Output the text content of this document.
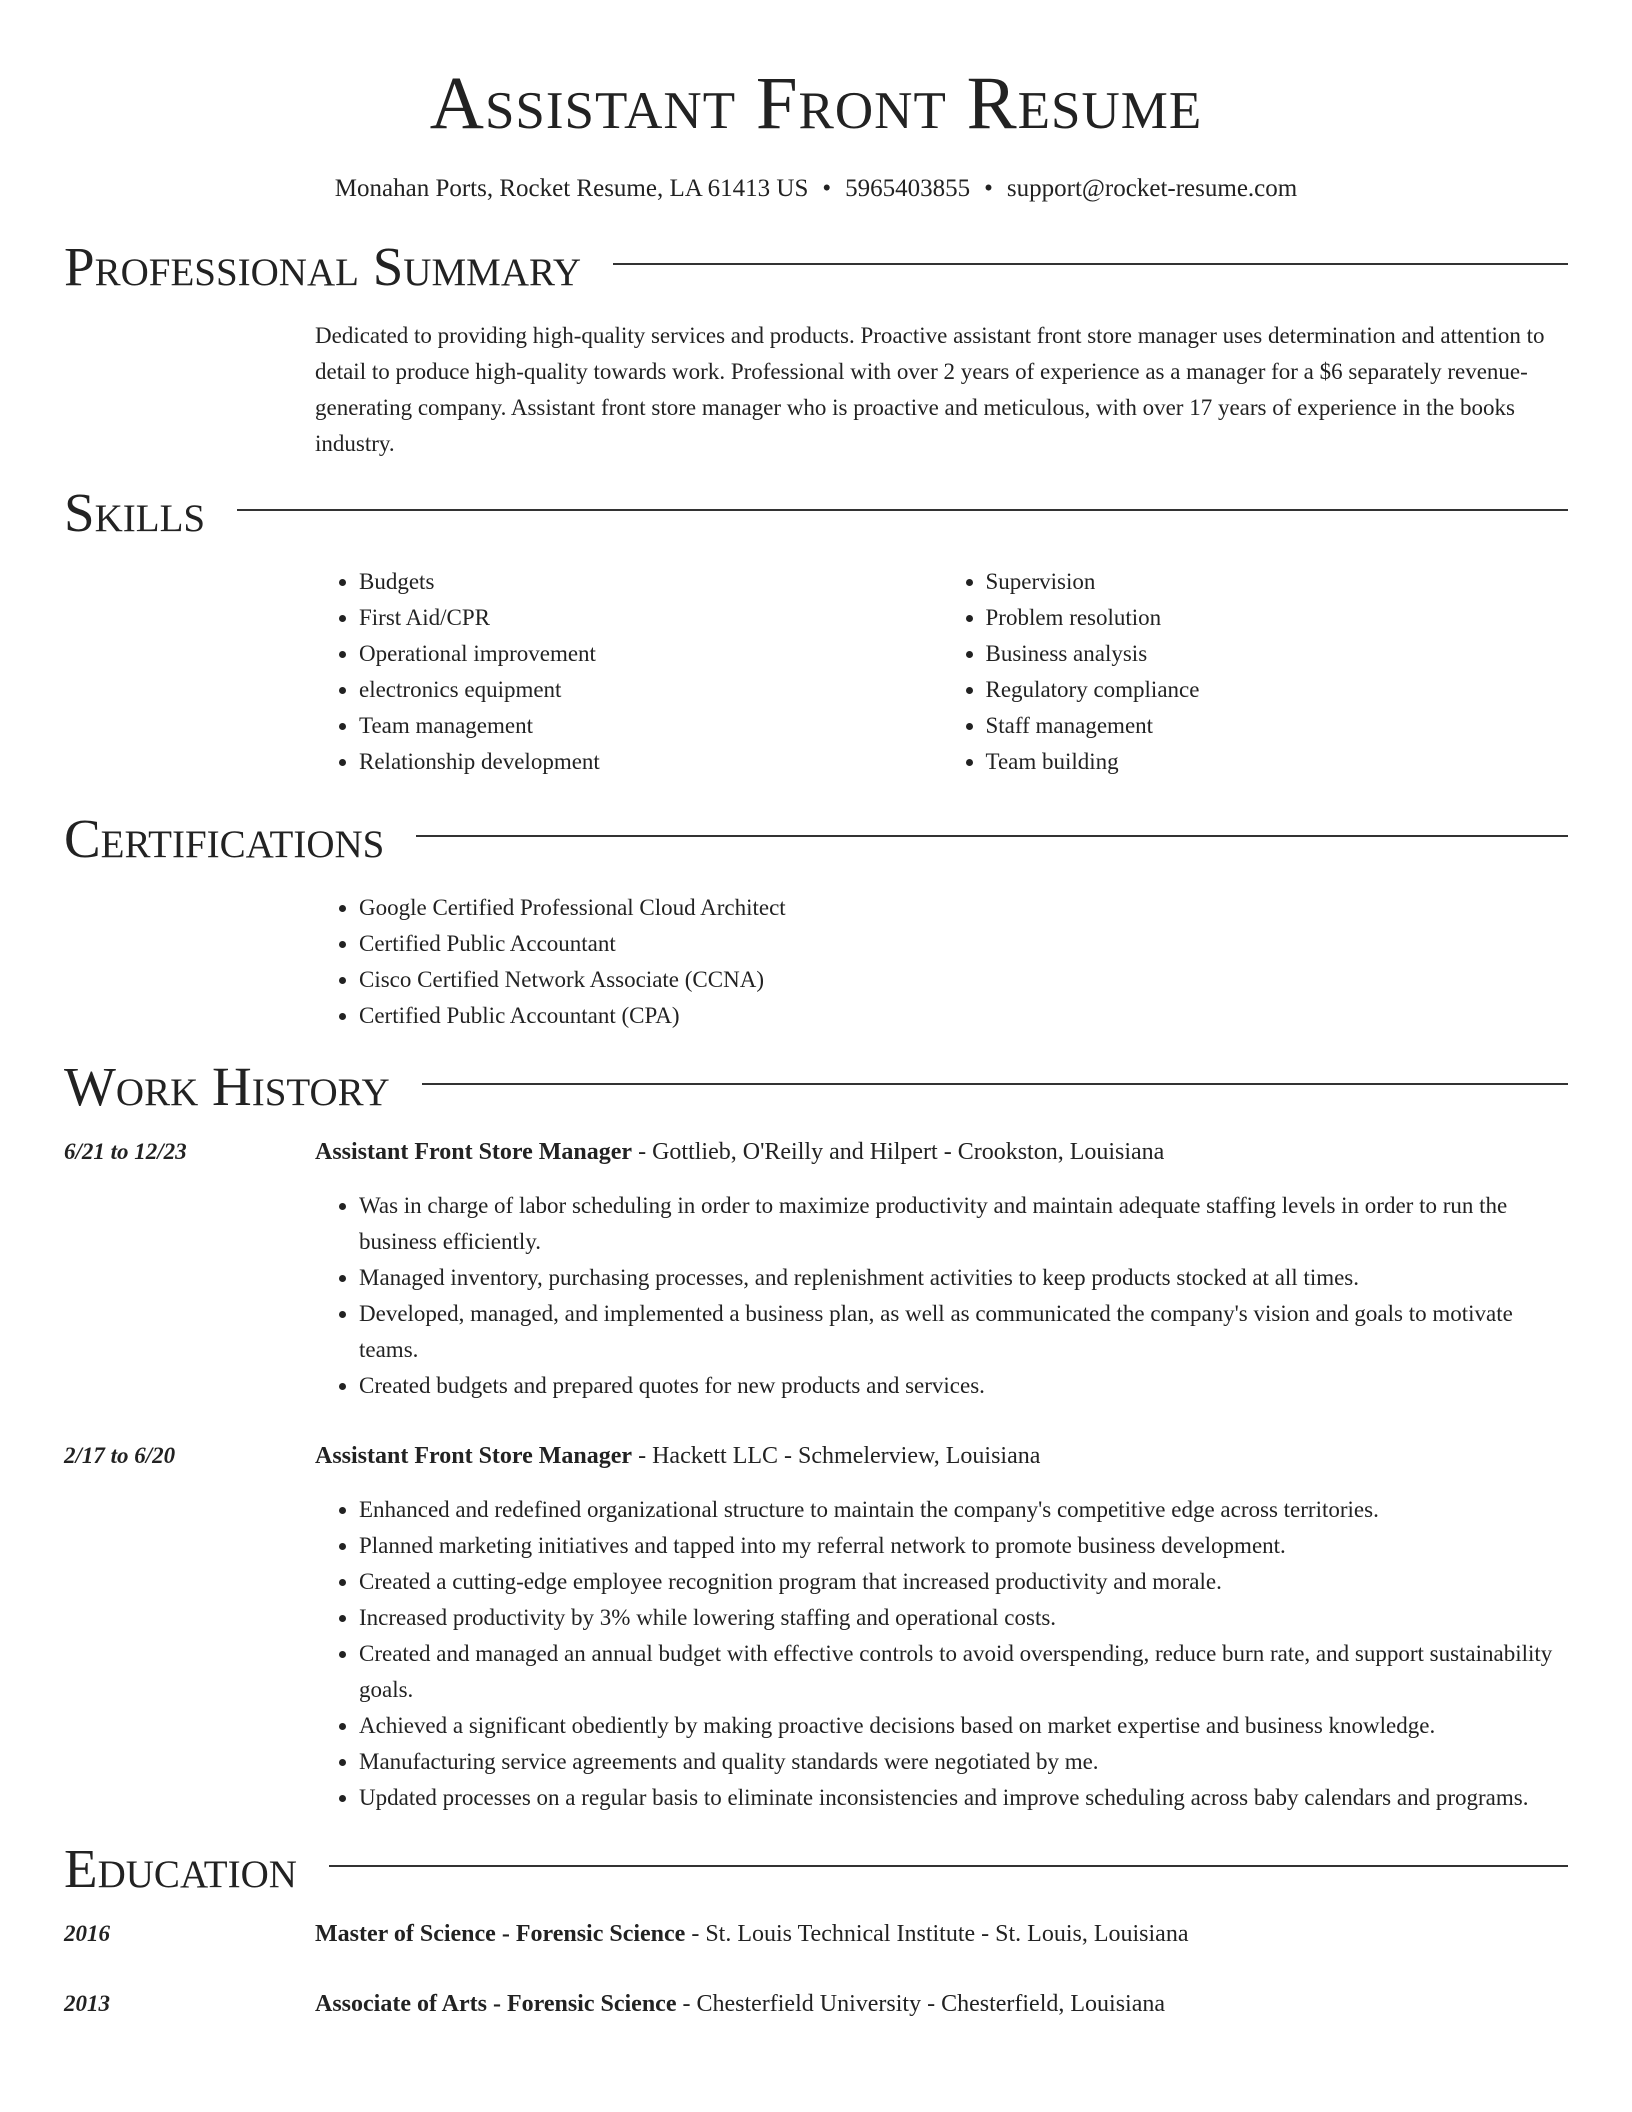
Assistant Front Resume
Monahan Ports, Rocket Resume, LA 61413 US • 5965403855 • support@rocket-resume.com
Professional Summary

Dedicated to providing high-quality services and products. Proactive assistant front store manager uses determination and attention to detail to produce high-quality towards work. Professional with over 2 years of experience as a manager for a $6 separately revenue-generating company. Assistant front store manager who is proactive and meticulous, with over 17 years of experience in the books industry.

Skills
• Budgets
• First Aid/CPR
• Operational improvement
• electronics equipment
• Team management
• Relationship development
• Supervision
• Problem resolution
• Business analysis
• Regulatory compliance
• Staff management
• Team building
Certifications
• Google Certified Professional Cloud Architect
• Certified Public Accountant
• Cisco Certified Network Associate (CCNA)
• Certified Public Accountant (CPA)
Work History
6/21 to 12/23	Assistant Front Store Manager - Gottlieb, O'Reilly and Hilpert - Crookston, Louisiana
• Was in charge of labor scheduling in order to maximize productivity and maintain adequate staffing levels in order to run the business efficiently.
• Managed inventory, purchasing processes, and replenishment activities to keep products stocked at all times.
• Developed, managed, and implemented a business plan, as well as communicated the company's vision and goals to motivate teams.
• Created budgets and prepared quotes for new products and services.
2/17 to 6/20	Assistant Front Store Manager - Hackett LLC - Schmelerview, Louisiana
• Enhanced and redefined organizational structure to maintain the company's competitive edge across territories.
• Planned marketing initiatives and tapped into my referral network to promote business development.
• Created a cutting-edge employee recognition program that increased productivity and morale.
• Increased productivity by 3% while lowering staffing and operational costs.
• Created and managed an annual budget with effective controls to avoid overspending, reduce burn rate, and support sustainability goals.
• Achieved a significant obediently by making proactive decisions based on market expertise and business knowledge.
• Manufacturing service agreements and quality standards were negotiated by me.
• Updated processes on a regular basis to eliminate inconsistencies and improve scheduling across baby calendars and programs.
Education
2016	Master of Science - Forensic Science - St. Louis Technical Institute - St. Louis, Louisiana
2013	Associate of Arts - Forensic Science - Chesterfield University - Chesterfield, Louisiana
